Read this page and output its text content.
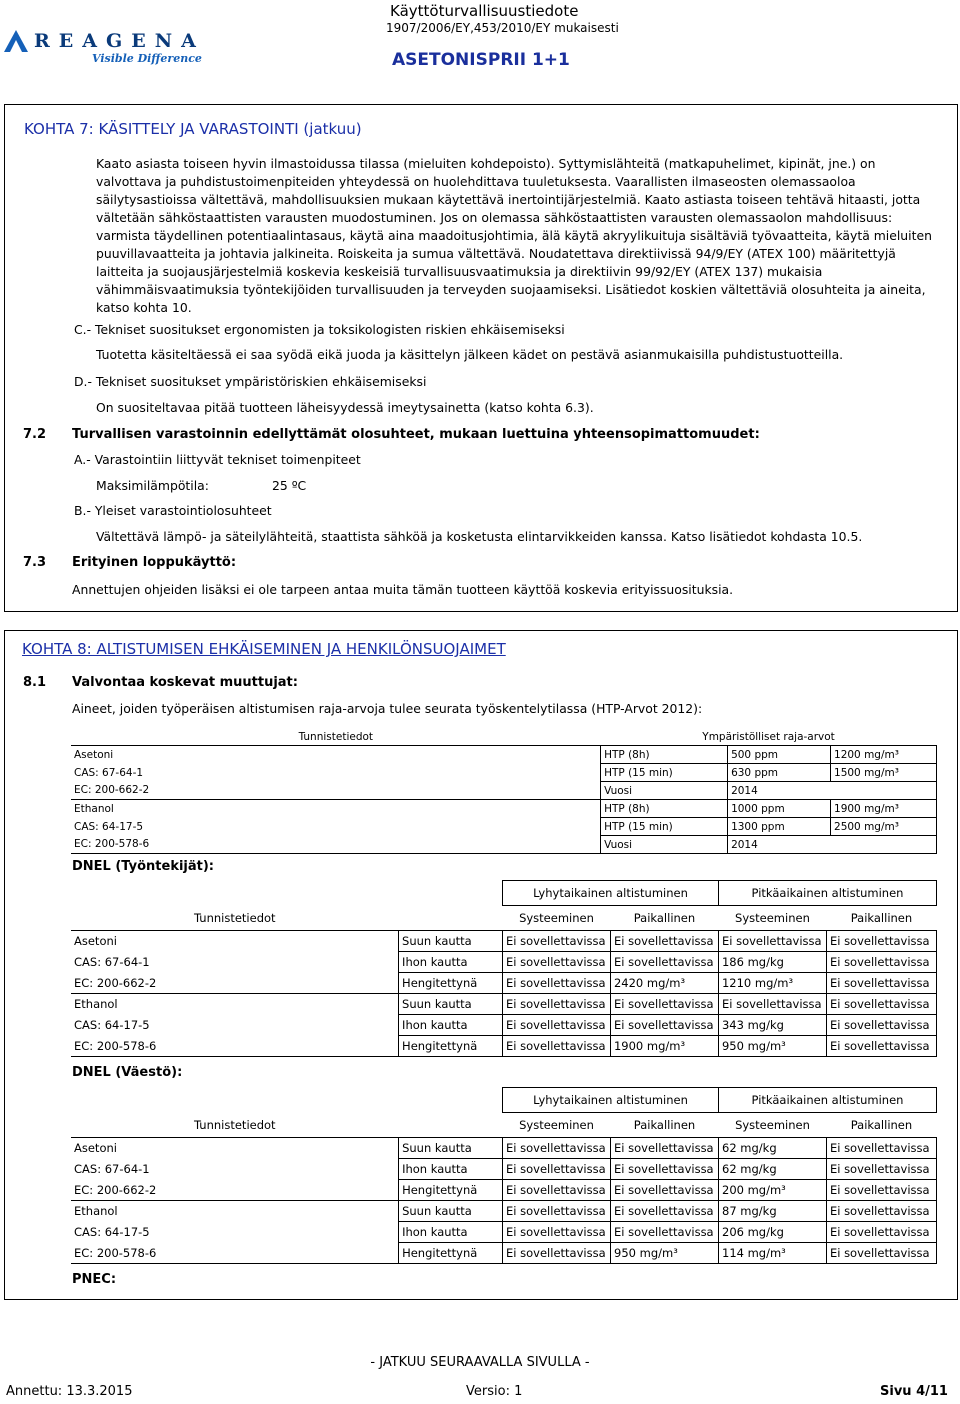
REAGENA
Visible Difference
Käyttöturvallisuustiedote
1907/2006/EY,453/2010/EY mukaisesti
ASETONISPRII 1+1
KOHTA 7: KÄSITTELY JA VARASTOINTI (jatkuu)
Kaato asiasta toiseen hyvin ilmastoidussa tilassa (mieluiten kohdepoisto). Syttymislähteitä (matkapuhelimet, kipinät, jne.) on valvottava ja puhdistustoimenpiteiden yhteydessä on huolehdittava tuuletuksesta. Vaarallisten ilmaseosten olemassaoloa säilytysastioissa vältettävä, mahdollisuuksien mukaan käytettävä inertointijärjestelmiä. Kaato astiasta toiseen tehtävä hitaasti, jotta vältetään sähköstaattisten varausten muodostuminen. Jos on olemassa sähköstaattisten varausten olemassaolon mahdollisuus: varmista täydellinen potentiaalintasaus, käytä aina maadoitusjohtimia, älä käytä akryylikuituja sisältäviä työvaatteita, käytä mieluiten puuvillavaatteita ja johtavia jalkineita. Roiskeita ja sumua vältettävä. Noudatettava direktiivissä 94/9/EY (ATEX 100) määritettyjä laitteita ja suojausjärjestelmiä koskevia keskeisiä turvallisuusvaatimuksia ja direktiivin 99/92/EY (ATEX 137) mukaisia vähimmäisvaatimuksia työntekijöiden turvallisuuden ja terveyden suojaamiseksi. Lisätiedot koskien vältettäviä olosuhteita ja aineita, katso kohta 10.
C.- Tekniset suositukset ergonomisten ja toksikologisten riskien ehkäisemiseksi
Tuotetta käsiteltäessä ei saa syödä eikä juoda ja käsittelyn jälkeen kädet on pestävä asianmukaisilla puhdistustuotteilla.
D.- Tekniset suositukset ympäristöriskien ehkäisemiseksi
On suositeltavaa pitää tuotteen läheisyydessä imeytysainetta (katso kohta 6.3).
7.2 Turvallisen varastoinnin edellyttämät olosuhteet, mukaan luettuina yhteensopimattomuudet:
A.- Varastointiin liittyvät tekniset toimenpiteet
Maksimilämpötila:	25 ºC
B.- Yleiset varastointiolosuhteet
Vältettävä lämpö- ja säteilylähteitä, staattista sähköä ja kosketusta elintarvikkeiden kanssa. Katso lisätiedot kohdasta 10.5.
7.3 Erityinen loppukäyttö:
Annettujen ohjeiden lisäksi ei ole tarpeen antaa muita tämän tuotteen käyttöä koskevia erityissuosituksia.
KOHTA 8: ALTISTUMISEN EHKÄISEMINEN JA HENKILÖNSUOJAIMET
8.1 Valvontaa koskevat muuttujat:
Aineet, joiden työperäisen altistumisen raja-arvoja tulee seurata työskentelytilassa (HTP-Arvot 2012):
Tunnistetiedot	Ympäristölliset raja-arvot		
Asetoni	HTP (8h)	500 ppm	1200 mg/m³
CAS: 67-64-1	HTP (15 min)	630 ppm	1500 mg/m³
EC: 200-662-2	Vuosi	2014	
Ethanol	HTP (8h)	1000 ppm	1900 mg/m³
CAS: 64-17-5	HTP (15 min)	1300 ppm	2500 mg/m³
EC: 200-578-6	Vuosi	2014	
DNEL (Työntekijät):
		Lyhytaikainen altistuminen		Pitkäaikainen altistuminen	
Tunnistetiedot		Systeeminen	Paikallinen	Systeeminen	Paikallinen
Asetoni	Suun kautta	Ei sovellettavissa	Ei sovellettavissa	Ei sovellettavissa	Ei sovellettavissa
CAS: 67-64-1	Ihon kautta	Ei sovellettavissa	Ei sovellettavissa	186 mg/kg	Ei sovellettavissa
EC: 200-662-2	Hengitettynä	Ei sovellettavissa	2420 mg/m³	1210 mg/m³	Ei sovellettavissa
Ethanol	Suun kautta	Ei sovellettavissa	Ei sovellettavissa	Ei sovellettavissa	Ei sovellettavissa
CAS: 64-17-5	Ihon kautta	Ei sovellettavissa	Ei sovellettavissa	343 mg/kg	Ei sovellettavissa
EC: 200-578-6	Hengitettynä	Ei sovellettavissa	1900 mg/m³	950 mg/m³	Ei sovellettavissa
DNEL (Väestö):
		Lyhytaikainen altistuminen		Pitkäaikainen altistuminen	
Tunnistetiedot		Systeeminen	Paikallinen	Systeeminen	Paikallinen
Asetoni	Suun kautta	Ei sovellettavissa	Ei sovellettavissa	62 mg/kg	Ei sovellettavissa
CAS: 67-64-1	Ihon kautta	Ei sovellettavissa	Ei sovellettavissa	62 mg/kg	Ei sovellettavissa
EC: 200-662-2	Hengitettynä	Ei sovellettavissa	Ei sovellettavissa	200 mg/m³	Ei sovellettavissa
Ethanol	Suun kautta	Ei sovellettavissa	Ei sovellettavissa	87 mg/kg	Ei sovellettavissa
CAS: 64-17-5	Ihon kautta	Ei sovellettavissa	Ei sovellettavissa	206 mg/kg	Ei sovellettavissa
EC: 200-578-6	Hengitettynä	Ei sovellettavissa	950 mg/m³	114 mg/m³	Ei sovellettavissa
PNEC:
- JATKUU SEURAAVALLA SIVULLA -
Annettu: 13.3.2015	Versio: 1	Sivu 4/11
